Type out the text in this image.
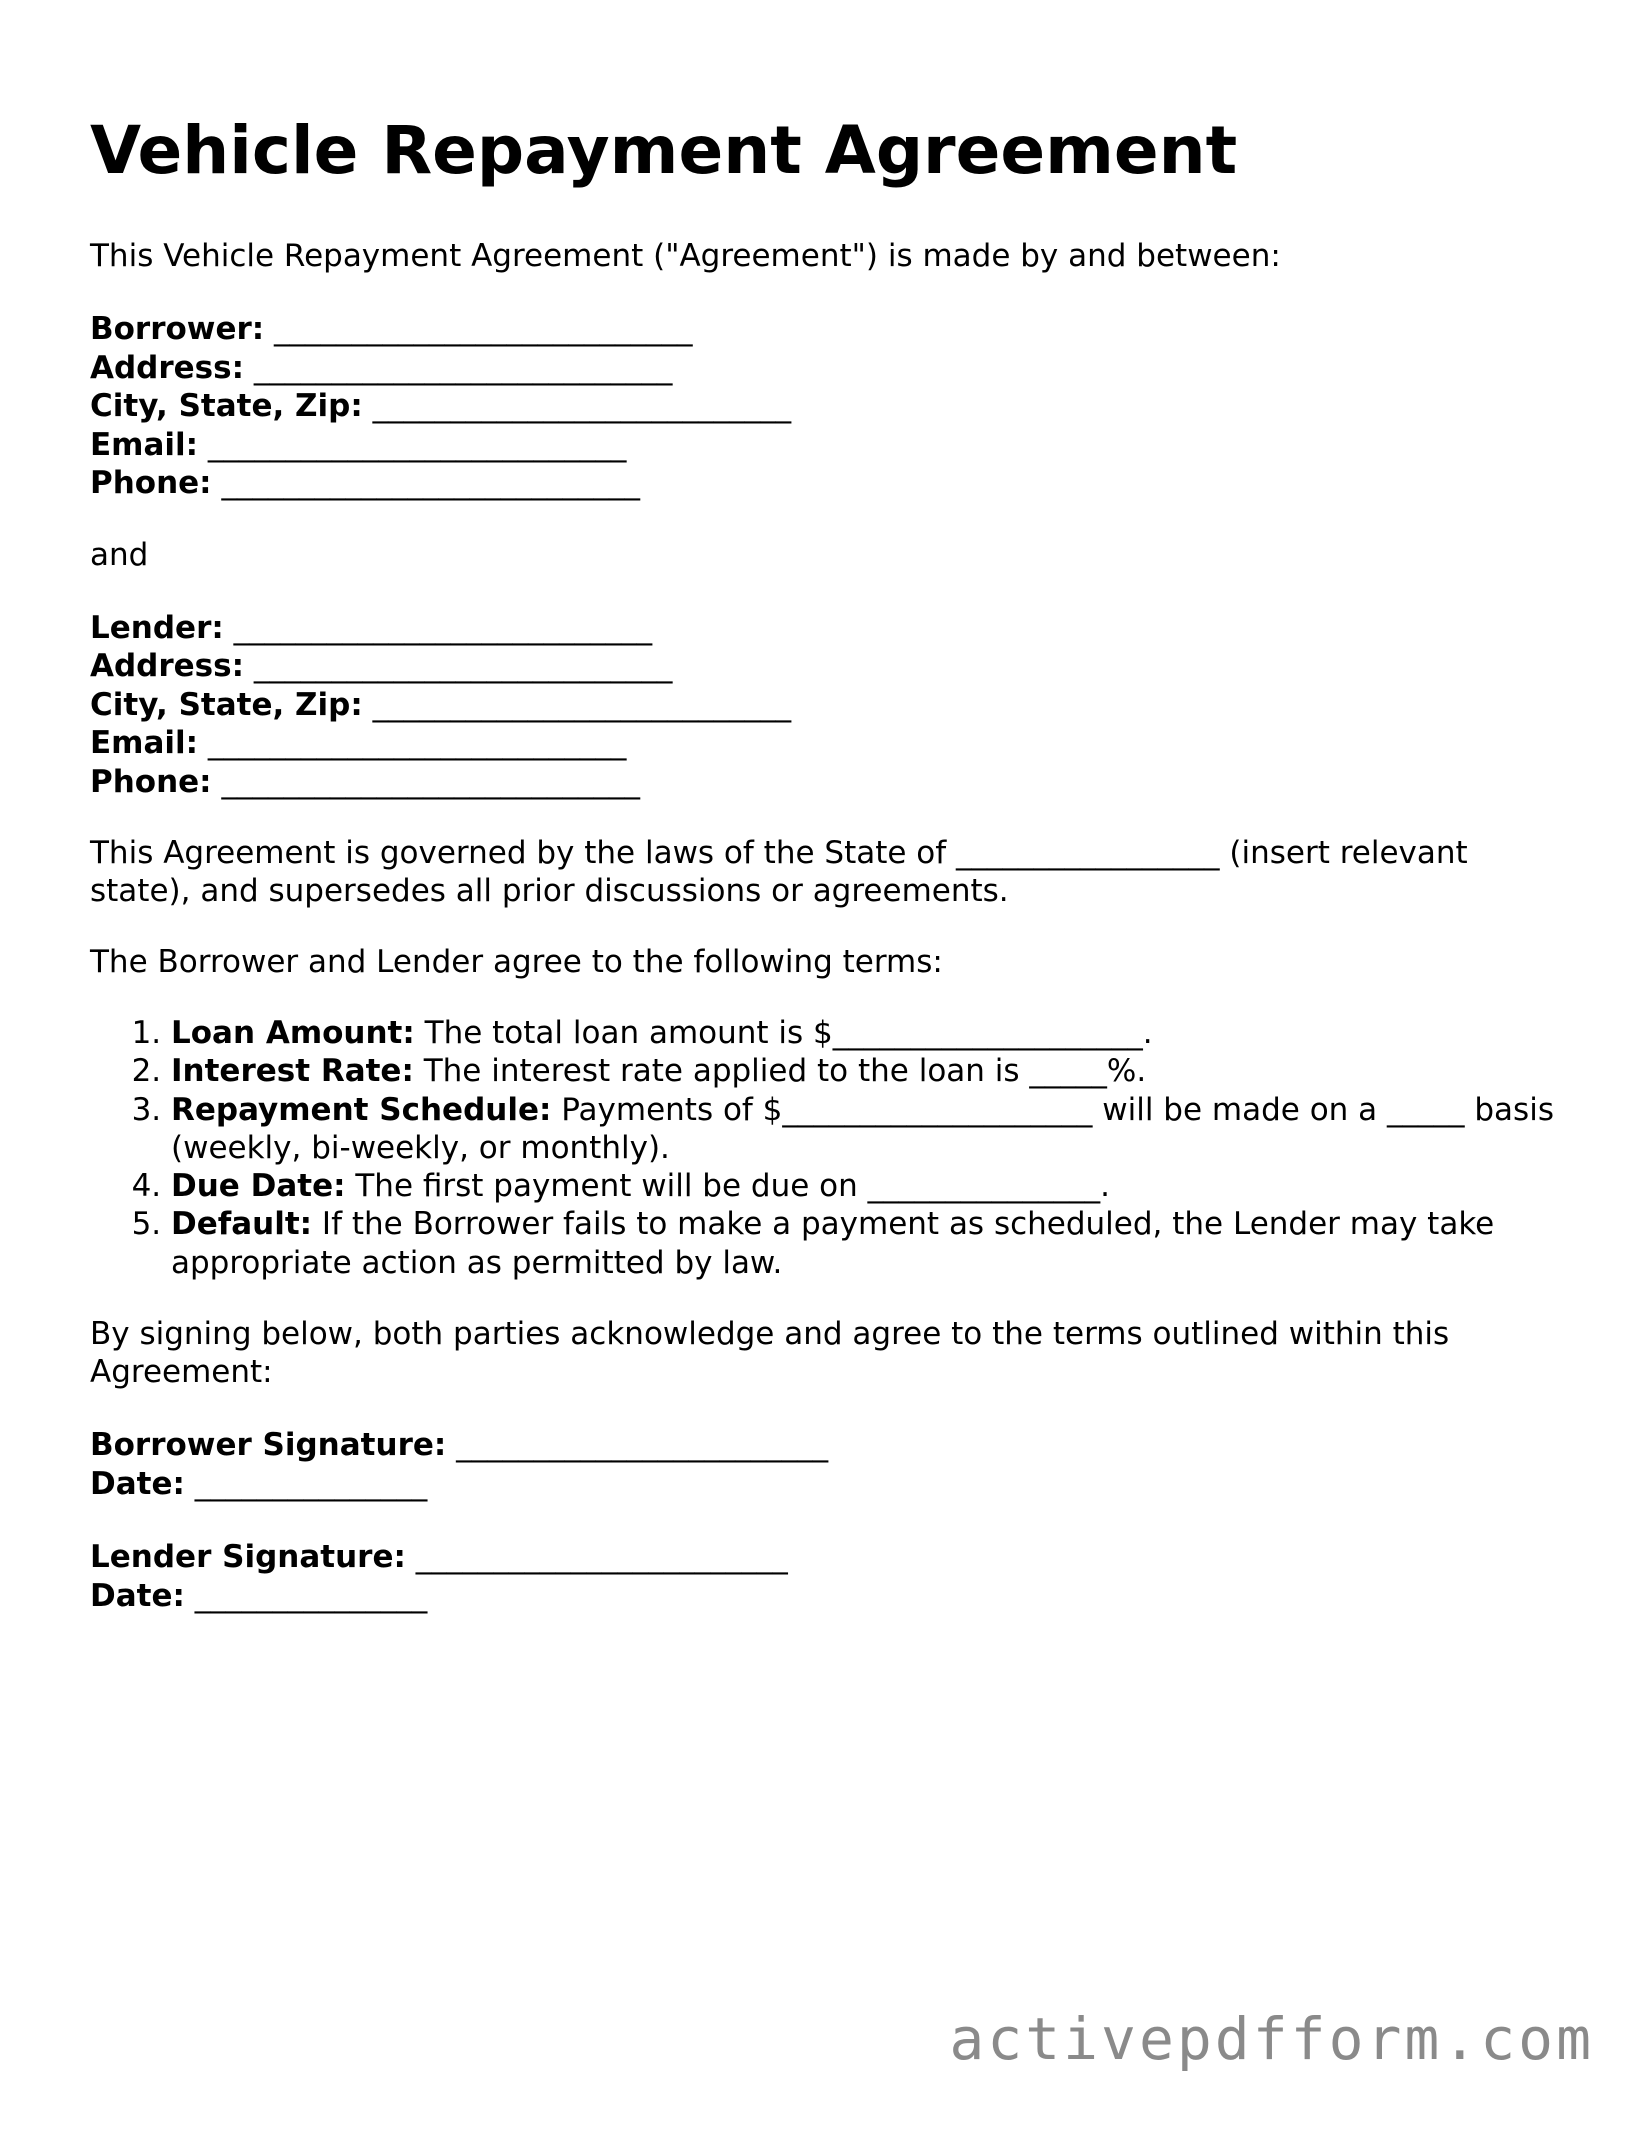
Vehicle Repayment Agreement

This Vehicle Repayment Agreement ("Agreement") is made by and between:

Borrower: ___________________________
Address: ___________________________
City, State, Zip: ___________________________
Email: ___________________________
Phone: ___________________________

and

Lender: ___________________________
Address: ___________________________
City, State, Zip: ___________________________
Email: ___________________________
Phone: ___________________________

This Agreement is governed by the laws of the State of _________________ (insert relevant state), and supersedes all prior discussions or agreements.

The Borrower and Lender agree to the following terms:

1. Loan Amount: The total loan amount is $____________________.
2. Interest Rate: The interest rate applied to the loan is _____%.
3. Repayment Schedule: Payments of $____________________ will be made on a _____ basis (weekly, bi-weekly, or monthly).
4. Due Date: The first payment will be due on _______________.
5. Default: If the Borrower fails to make a payment as scheduled, the Lender may take appropriate action as permitted by law.

By signing below, both parties acknowledge and agree to the terms outlined within this Agreement:

Borrower Signature: ________________________
Date: _______________
Lender Signature: ________________________
Date: _______________
activepdfform.com
